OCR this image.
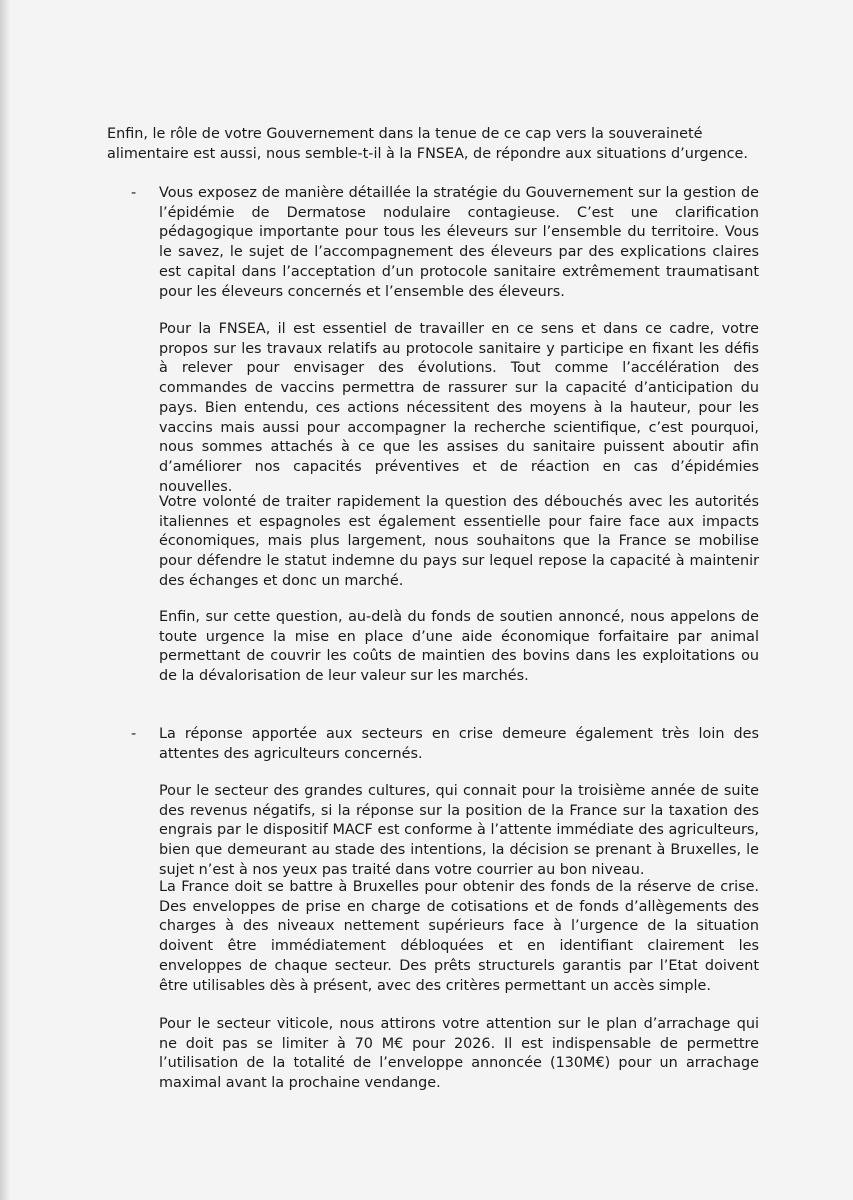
Enfin, le rôle de votre Gouvernement dans la tenue de ce cap vers la souveraineté alimentaire est aussi, nous semble-t-il à la FNSEA, de répondre aux situations d’urgence.

- Vous exposez de manière détaillée la stratégie du Gouvernement sur la gestion de l’épidémie de Dermatose nodulaire contagieuse. C’est une clarification pédagogique importante pour tous les éleveurs sur l’ensemble du territoire. Vous le savez, le sujet de l’accompagnement des éleveurs par des explications claires est capital dans l’acceptation d’un protocole sanitaire extrêmement traumatisant pour les éleveurs concernés et l’ensemble des éleveurs.

Pour la FNSEA, il est essentiel de travailler en ce sens et dans ce cadre, votre propos sur les travaux relatifs au protocole sanitaire y participe en fixant les défis à relever pour envisager des évolutions. Tout comme l’accélération des commandes de vaccins permettra de rassurer sur la capacité d’anticipation du pays. Bien entendu, ces actions nécessitent des moyens à la hauteur, pour les vaccins mais aussi pour accompagner la recherche scientifique, c’est pourquoi, nous sommes attachés à ce que les assises du sanitaire puissent aboutir afin d’améliorer nos capacités préventives et de réaction en cas d’épidémies nouvelles.

Votre volonté de traiter rapidement la question des débouchés avec les autorités italiennes et espagnoles est également essentielle pour faire face aux impacts économiques, mais plus largement, nous souhaitons que la France se mobilise pour défendre le statut indemne du pays sur lequel repose la capacité à maintenir des échanges et donc un marché.

Enfin, sur cette question, au-delà du fonds de soutien annoncé, nous appelons de toute urgence la mise en place d’une aide économique forfaitaire par animal permettant de couvrir les coûts de maintien des bovins dans les exploitations ou de la dévalorisation de leur valeur sur les marchés.

- La réponse apportée aux secteurs en crise demeure également très loin des attentes des agriculteurs concernés.

Pour le secteur des grandes cultures, qui connait pour la troisième année de suite des revenus négatifs, si la réponse sur la position de la France sur la taxation des engrais par le dispositif MACF est conforme à l’attente immédiate des agriculteurs, bien que demeurant au stade des intentions, la décision se prenant à Bruxelles, le sujet n’est à nos yeux pas traité dans votre courrier au bon niveau.

La France doit se battre à Bruxelles pour obtenir des fonds de la réserve de crise. Des enveloppes de prise en charge de cotisations et de fonds d’allègements des charges à des niveaux nettement supérieurs face à l’urgence de la situation doivent être immédiatement débloquées et en identifiant clairement les enveloppes de chaque secteur. Des prêts structurels garantis par l’Etat doivent être utilisables dès à présent, avec des critères permettant un accès simple.

Pour le secteur viticole, nous attirons votre attention sur le plan d’arrachage qui ne doit pas se limiter à 70 M€ pour 2026. Il est indispensable de permettre l’utilisation de la totalité de l’enveloppe annoncée (130M€) pour un arrachage maximal avant la prochaine vendange.
